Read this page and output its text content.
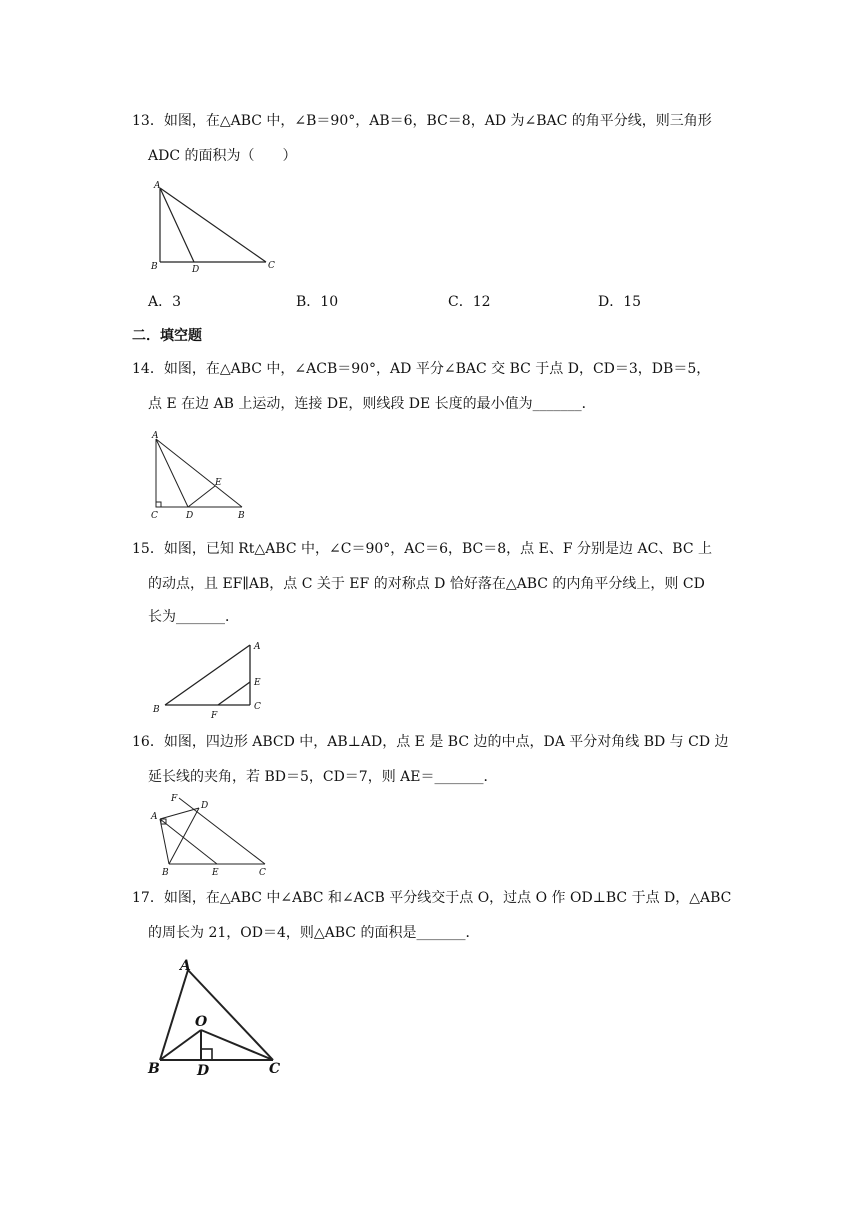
13．如图，在△ABC 中，∠B＝90°，AB＝6，BC＝8，AD 为∠BAC 的角平分线，则三角形
ADC 的面积为（　　）
A
B	D	C
A．3	B．10	C．12	D．15
二．填空题
14．如图，在△ABC 中，∠ACB＝90°，AD 平分∠BAC 交 BC 于点 D，CD＝3，DB＝5，
点 E 在边 AB 上运动，连接 DE，则线段 DE 长度的最小值为_______．
A
C	D	B
E
15．如图，已知 Rt△ABC 中，∠C＝90°，AC＝6，BC＝8，点 E、F 分别是边 AC、BC 上
的动点，且 EF∥AB，点 C 关于 EF 的对称点 D 恰好落在△ABC 的内角平分线上，则 CD
长为_______．
A
E
C
B
F
16．如图，四边形 ABCD 中，AB⊥AD，点 E 是 BC 边的中点，DA 平分对角线 BD 与 CD 边
延长线的夹角，若 BD＝5，CD＝7，则 AE＝_______．
F
D
A
B	E	C
17．如图，在△ABC 中∠ABC 和∠ACB 平分线交于点 O，过点 O 作 OD⊥BC 于点 D，△ABC
的周长为 21，OD＝4，则△ABC 的面积是_______．
A
O
B	D	C
